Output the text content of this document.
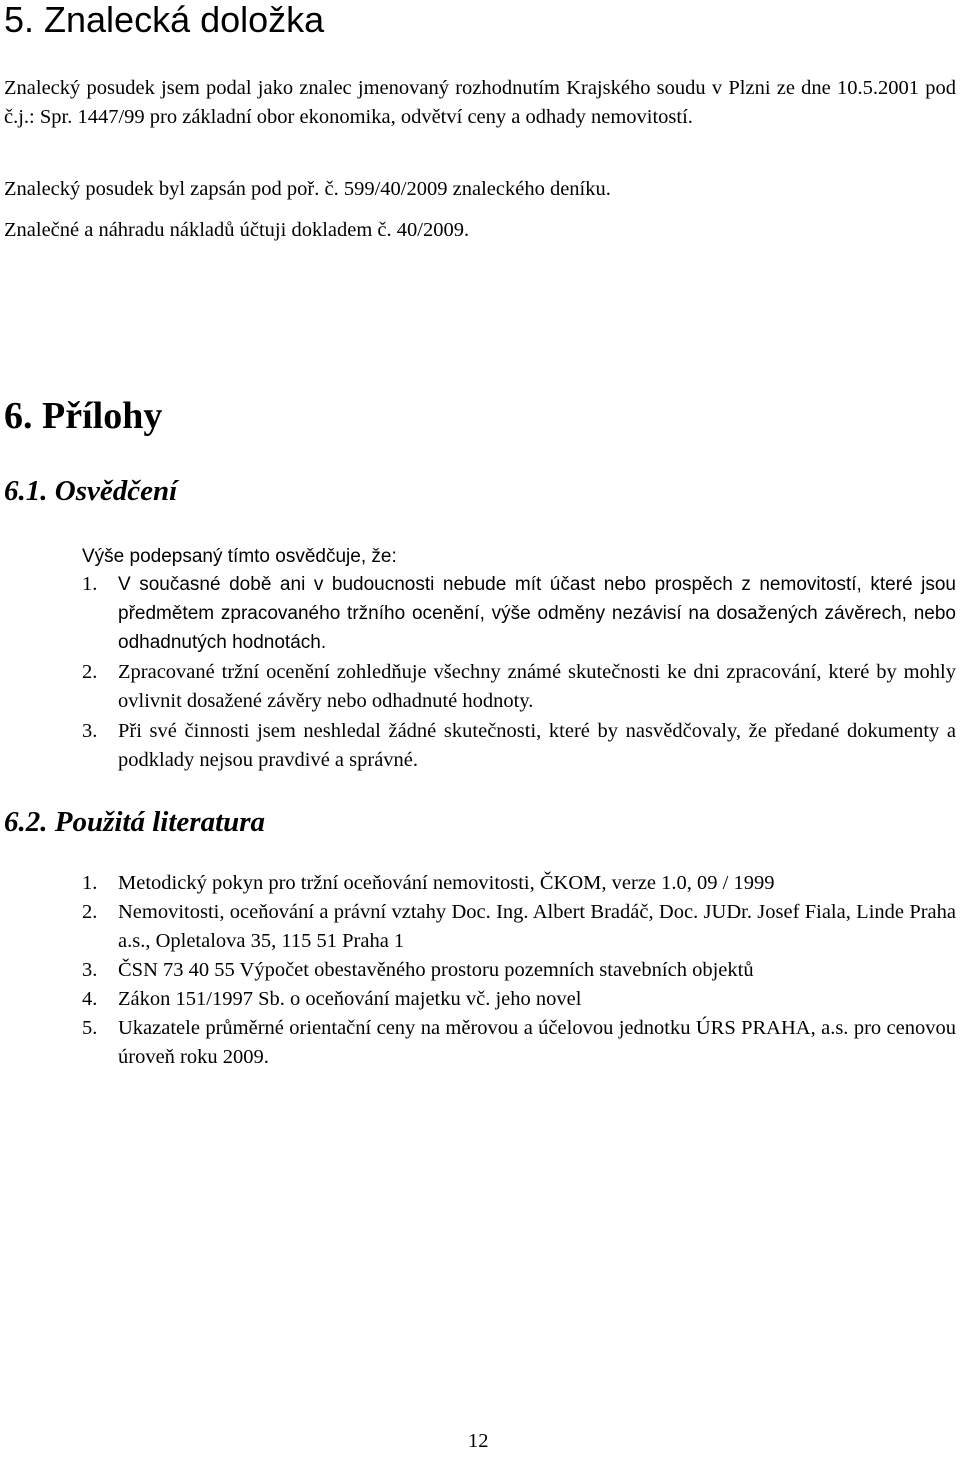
5. Znalecká doložka
Znalecký posudek jsem podal jako znalec jmenovaný rozhodnutím Krajského soudu v Plzni ze dne 10.5.2001 pod č.j.: Spr. 1447/99 pro základní obor ekonomika, odvětví ceny a odhady nemovitostí.
Znalecký posudek byl zapsán pod poř. č. 599/40/2009 znaleckého deníku.
Znalečné a náhradu nákladů účtuji dokladem č. 40/2009.
6. Přílohy
6.1. Osvědčení
Výše podepsaný tímto osvědčuje, že:
1. V současné době ani v budoucnosti nebude mít účast nebo prospěch z nemovitostí, které jsou předmětem zpracovaného tržního ocenění, výše odměny nezávisí na dosažených závěrech, nebo odhadnutých hodnotách.
2. Zpracované tržní ocenění zohledňuje všechny známé skutečnosti ke dni zpracování, které by mohly ovlivnit dosažené závěry nebo odhadnuté hodnoty.
3. Při své činnosti jsem neshledal žádné skutečnosti, které by nasvědčovaly, že předané dokumenty a podklady nejsou pravdivé a správné.
6.2. Použitá literatura
1. Metodický pokyn pro tržní oceňování nemovitosti, ČKOM, verze 1.0, 09 / 1999
2. Nemovitosti, oceňování a právní vztahy Doc. Ing. Albert Bradáč, Doc. JUDr. Josef Fiala, Linde Praha a.s., Opletalova 35, 115 51 Praha 1
3. ČSN 73 40 55 Výpočet obestavěného prostoru pozemních stavebních objektů
4. Zákon 151/1997 Sb. o oceňování majetku vč. jeho novel
5. Ukazatele průměrné orientační ceny na měrovou a účelovou jednotku ÚRS PRAHA, a.s. pro cenovou úroveň roku 2009.
12
